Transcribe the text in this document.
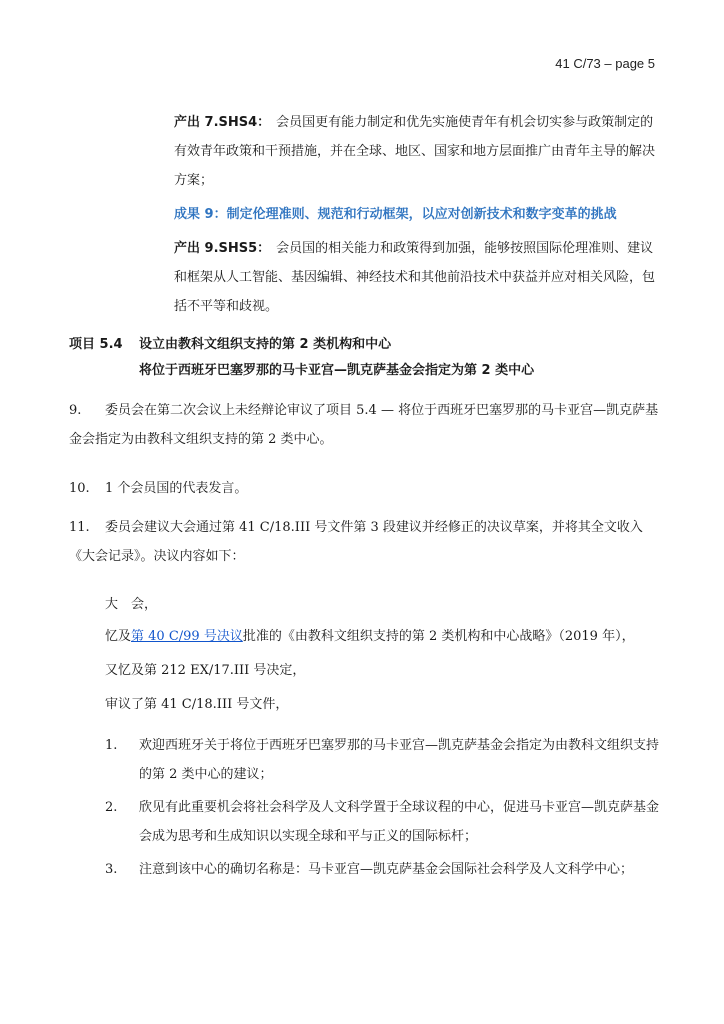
41 C/73 – page 5
产出 7.SHS4： 会员国更有能力制定和优先实施使青年有机会切实参与政策制定的有效青年政策和干预措施，并在全球、地区、国家和地方层面推广由青年主导的解决方案；
成果 9：制定伦理准则、规范和行动框架，以应对创新技术和数字变革的挑战
产出 9.SHS5： 会员国的相关能力和政策得到加强，能够按照国际伦理准则、建议和框架从人工智能、基因编辑、神经技术和其他前沿技术中获益并应对相关风险，包括不平等和歧视。
项目 5.4	设立由教科文组织支持的第 2 类机构和中心
将位于西班牙巴塞罗那的马卡亚宫—凯克萨基金会指定为第 2 类中心
9. 委员会在第二次会议上未经辩论审议了项目 5.4 — 将位于西班牙巴塞罗那的马卡亚宫—凯克萨基金会指定为由教科文组织支持的第 2 类中心。
10. 1 个会员国的代表发言。
11. 委员会建议大会通过第 41 C/18.III 号文件第 3 段建议并经修正的决议草案，并将其全文收入《大会记录》。决议内容如下：
大　会，
忆及第 40 C/99 号决议批准的《由教科文组织支持的第 2 类机构和中心战略》（2019 年），
又忆及第 212 EX/17.III 号决定，
审议了第 41 C/18.III 号文件，
1. 欢迎西班牙关于将位于西班牙巴塞罗那的马卡亚宫—凯克萨基金会指定为由教科文组织支持的第 2 类中心的建议；
2. 欣见有此重要机会将社会科学及人文科学置于全球议程的中心，促进马卡亚宫—凯克萨基金会成为思考和生成知识以实现全球和平与正义的国际标杆；
3. 注意到该中心的确切名称是：马卡亚宫—凯克萨基金会国际社会科学及人文科学中心；
